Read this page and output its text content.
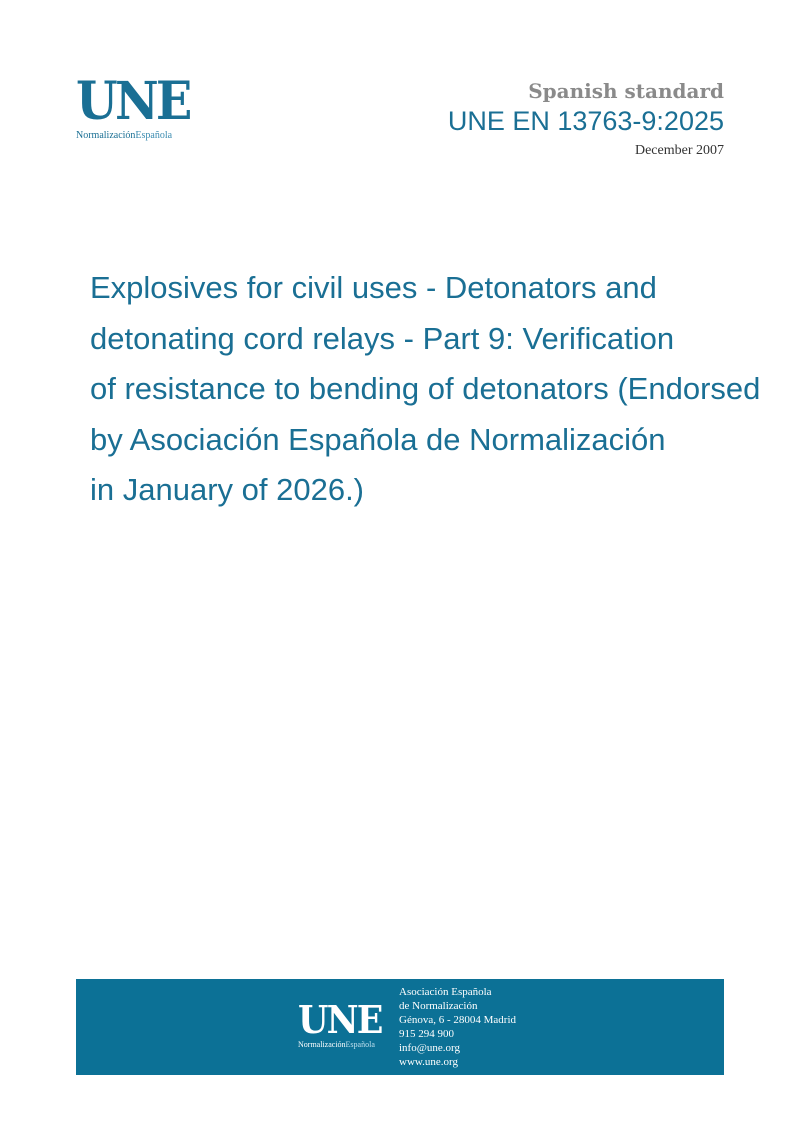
UNE
NormalizaciónEspañola
Spanish standard
UNE EN 13763-9:2025
December 2007
Explosives for civil uses - Detonators and
detonating cord relays - Part 9: Verification
of resistance to bending of detonators (Endorsed
by Asociación Española de Normalización
in January of 2026.)
UNE
NormalizaciónEspañola
Asociación Española
de Normalización
Génova, 6 - 28004 Madrid
915 294 900
info@une.org
www.une.org
